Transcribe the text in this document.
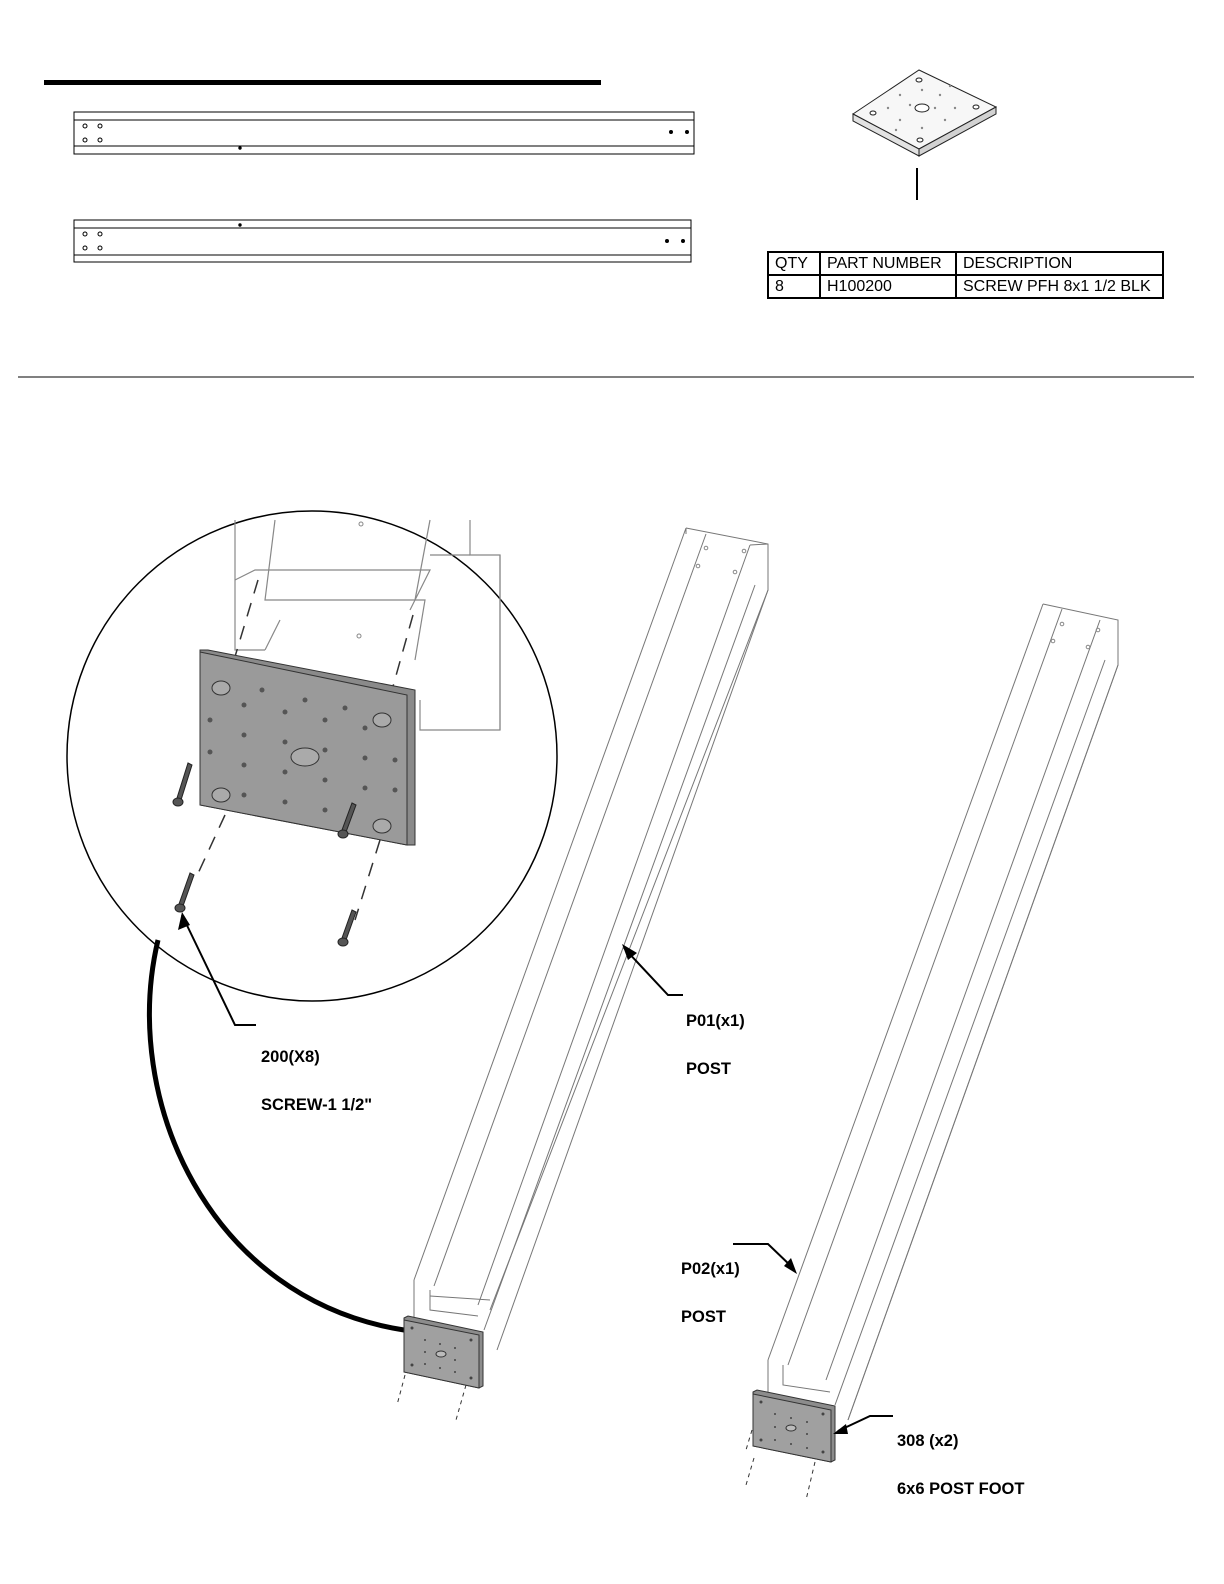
QTY	PART NUMBER	DESCRIPTION
8	H100200	SCREW PFH 8x1 1/2 BLK

200(X8)

SCREW-1 1/2"

P01(x1)

POST

P02(x1)

POST

308 (x2)

6x6 POST FOOT
